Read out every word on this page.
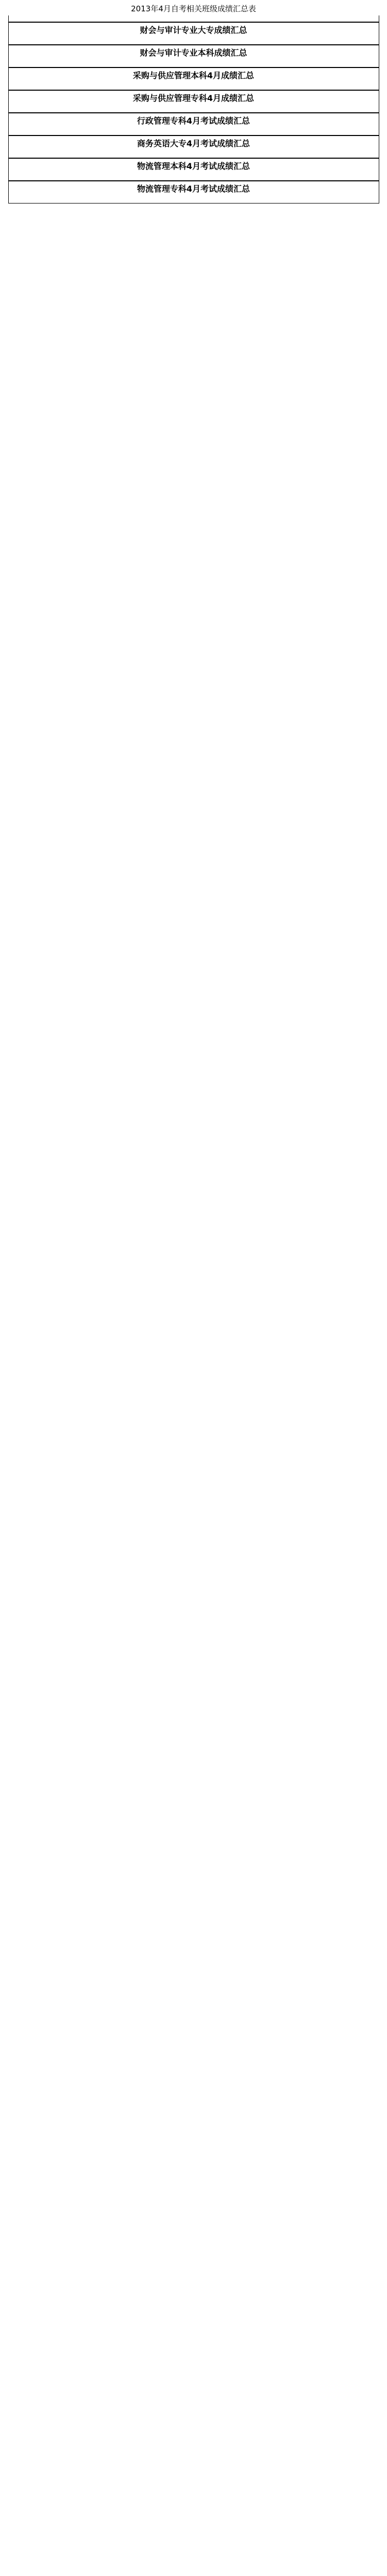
2013年4月自考相关班级成绩汇总表
财会与审计专业大专成绩汇总
财会与审计专业本科成绩汇总
采购与供应管理本科4月成绩汇总
采购与供应管理专科4月成绩汇总
行政管理专科4月考试成绩汇总
商务英语大专4月考试成绩汇总
物流管理本科4月考试成绩汇总
物流管理专科4月考试成绩汇总
